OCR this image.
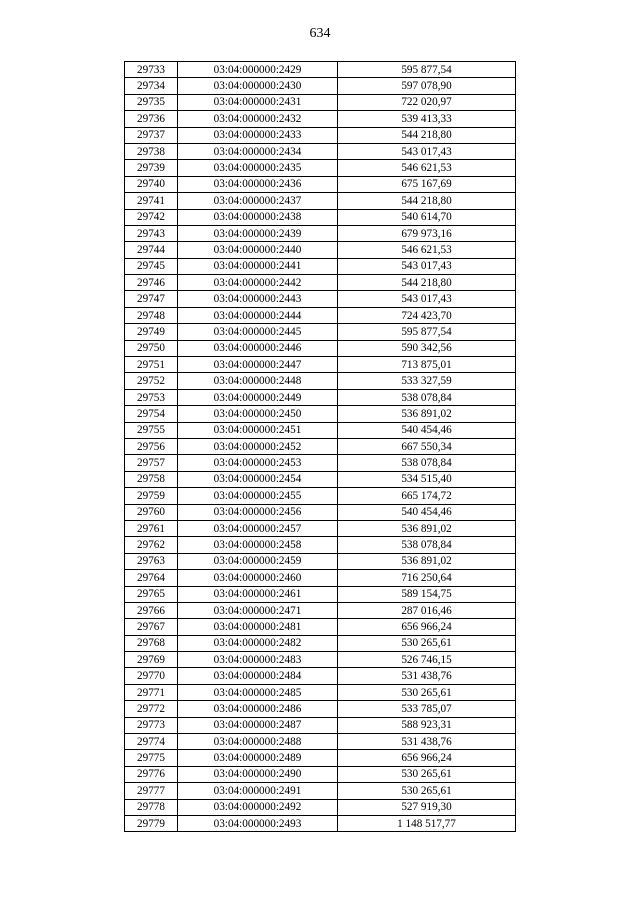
634
29733	03:04:000000:2429	595 877,54
29734	03:04:000000:2430	597 078,90
29735	03:04:000000:2431	722 020,97
29736	03:04:000000:2432	539 413,33
29737	03:04:000000:2433	544 218,80
29738	03:04:000000:2434	543 017,43
29739	03:04:000000:2435	546 621,53
29740	03:04:000000:2436	675 167,69
29741	03:04:000000:2437	544 218,80
29742	03:04:000000:2438	540 614,70
29743	03:04:000000:2439	679 973,16
29744	03:04:000000:2440	546 621,53
29745	03:04:000000:2441	543 017,43
29746	03:04:000000:2442	544 218,80
29747	03:04:000000:2443	543 017,43
29748	03:04:000000:2444	724 423,70
29749	03:04:000000:2445	595 877,54
29750	03:04:000000:2446	590 342,56
29751	03:04:000000:2447	713 875,01
29752	03:04:000000:2448	533 327,59
29753	03:04:000000:2449	538 078,84
29754	03:04:000000:2450	536 891,02
29755	03:04:000000:2451	540 454,46
29756	03:04:000000:2452	667 550,34
29757	03:04:000000:2453	538 078,84
29758	03:04:000000:2454	534 515,40
29759	03:04:000000:2455	665 174,72
29760	03:04:000000:2456	540 454,46
29761	03:04:000000:2457	536 891,02
29762	03:04:000000:2458	538 078,84
29763	03:04:000000:2459	536 891,02
29764	03:04:000000:2460	716 250,64
29765	03:04:000000:2461	589 154,75
29766	03:04:000000:2471	287 016,46
29767	03:04:000000:2481	656 966,24
29768	03:04:000000:2482	530 265,61
29769	03:04:000000:2483	526 746,15
29770	03:04:000000:2484	531 438,76
29771	03:04:000000:2485	530 265,61
29772	03:04:000000:2486	533 785,07
29773	03:04:000000:2487	588 923,31
29774	03:04:000000:2488	531 438,76
29775	03:04:000000:2489	656 966,24
29776	03:04:000000:2490	530 265,61
29777	03:04:000000:2491	530 265,61
29778	03:04:000000:2492	527 919,30
29779	03:04:000000:2493	1 148 517,77
